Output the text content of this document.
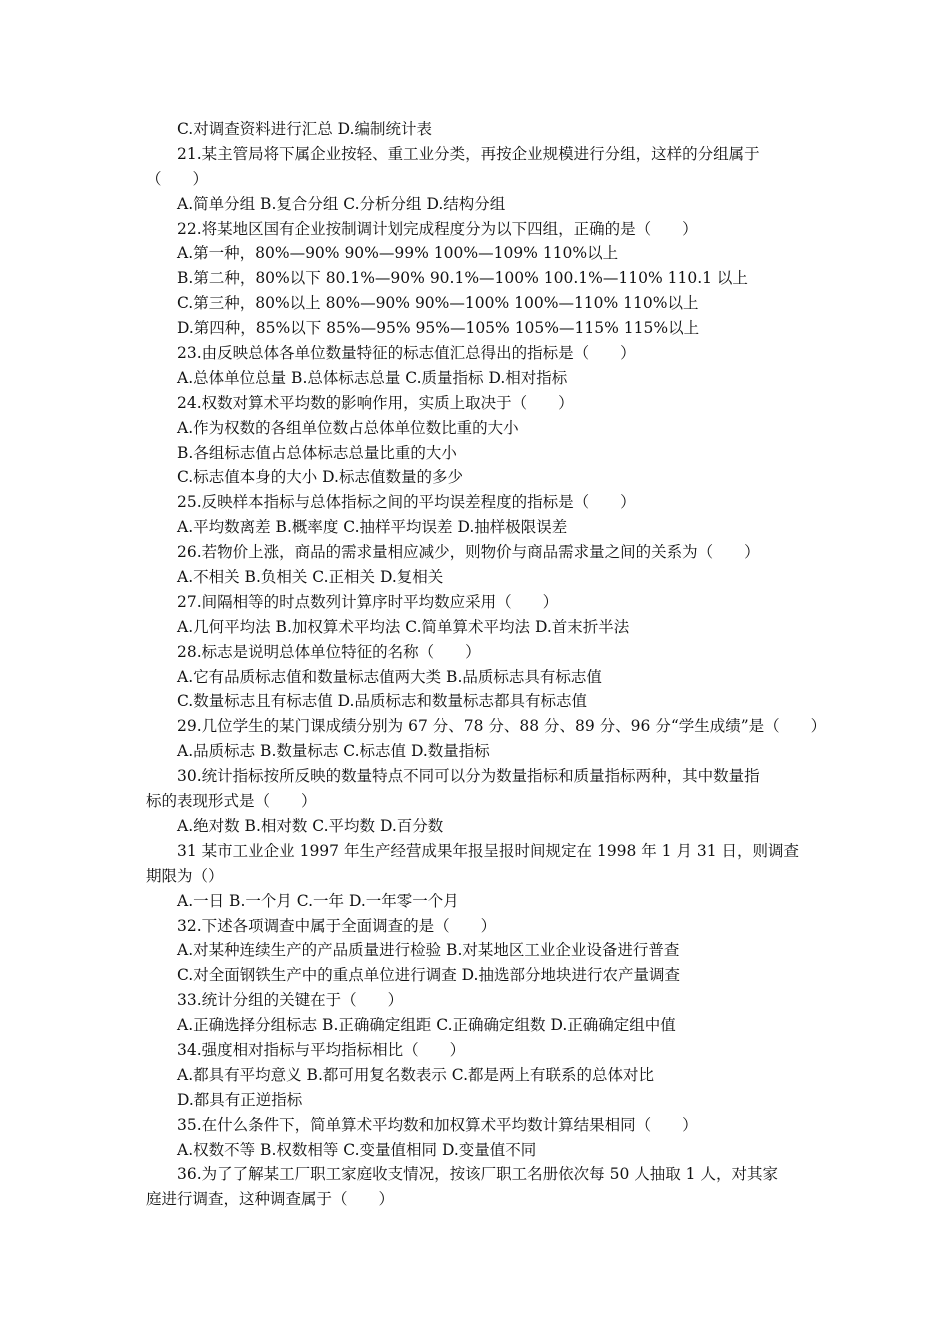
C.对调查资料进行汇总 D.编制统计表
21.某主管局将下属企业按轻、重工业分类，再按企业规模进行分组，这样的分组属于
（　　）
A.简单分组 B.复合分组 C.分析分组 D.结构分组
22.将某地区国有企业按制调计划完成程度分为以下四组，正确的是（　　）
A.第一种，80%—90% 90%—99% 100%—109% 110%以上
B.第二种，80%以下 80.1%—90% 90.1%—100% 100.1%—110% 110.1 以上
C.第三种，80%以上 80%—90% 90%—100% 100%—110% 110%以上
D.第四种，85%以下 85%—95% 95%—105% 105%—115% 115%以上
23.由反映总体各单位数量特征的标志值汇总得出的指标是（　　）
A.总体单位总量 B.总体标志总量 C.质量指标 D.相对指标
24.权数对算术平均数的影响作用，实质上取决于（　　）
A.作为权数的各组单位数占总体单位数比重的大小
B.各组标志值占总体标志总量比重的大小
C.标志值本身的大小 D.标志值数量的多少
25.反映样本指标与总体指标之间的平均误差程度的指标是（　　）
A.平均数离差 B.概率度 C.抽样平均误差 D.抽样极限误差
26.若物价上涨，商品的需求量相应减少，则物价与商品需求量之间的关系为（　　）
A.不相关 B.负相关 C.正相关 D.复相关
27.间隔相等的时点数列计算序时平均数应采用（　　）
A.几何平均法 B.加权算术平均法 C.简单算术平均法 D.首末折半法
28.标志是说明总体单位特征的名称（　　）
A.它有品质标志值和数量标志值两大类 B.品质标志具有标志值
C.数量标志且有标志值 D.品质标志和数量标志都具有标志值
29.几位学生的某门课成绩分别为 67 分、78 分、88 分、89 分、96 分“学生成绩”是（　　）
A.品质标志 B.数量标志 C.标志值 D.数量指标
30.统计指标按所反映的数量特点不同可以分为数量指标和质量指标两种，其中数量指
标的表现形式是（　　）
A.绝对数 B.相对数 C.平均数 D.百分数
31 某市工业企业 1997 年生产经营成果年报呈报时间规定在 1998 年 1 月 31 日，则调查
期限为（）
A.一日 B.一个月 C.一年 D.一年零一个月
32.下述各项调查中属于全面调查的是（　　）
A.对某种连续生产的产品质量进行检验 B.对某地区工业企业设备进行普查
C.对全面钢铁生产中的重点单位进行调查 D.抽选部分地块进行农产量调查
33.统计分组的关键在于（　　）
A.正确选择分组标志 B.正确确定组距 C.正确确定组数 D.正确确定组中值
34.强度相对指标与平均指标相比（　　）
A.都具有平均意义 B.都可用复名数表示 C.都是两上有联系的总体对比
D.都具有正逆指标
35.在什么条件下，简单算术平均数和加权算术平均数计算结果相同（　　）
A.权数不等 B.权数相等 C.变量值相同 D.变量值不同
36.为了了解某工厂职工家庭收支情况，按该厂职工名册依次每 50 人抽取 1 人，对其家
庭进行调查，这种调查属于（　　）
